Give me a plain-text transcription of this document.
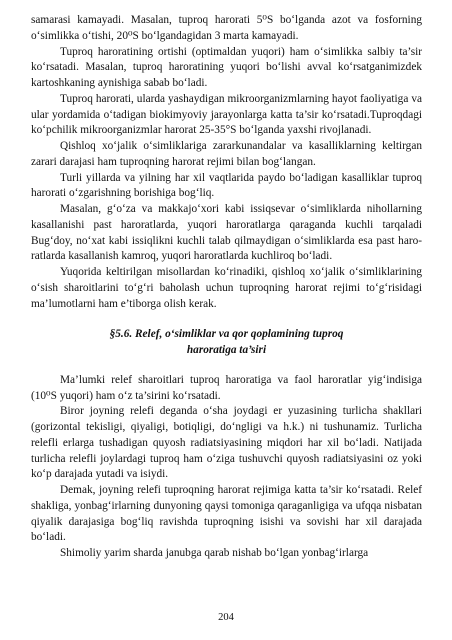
samarasi kamayadi. Masalan, tuproq harorati 5⁰S bo‘lganda azot va fosforning o‘simlikka o‘tishi, 20⁰S bo‘lgandagidan 3 marta kamayadi.

Tuproq haroratining ortishi (optimaldan yuqori) ham o‘simlikka salbiy ta’sir ko‘rsatadi. Masalan, tuproq haroratining yuqori bo‘lishi avval ko‘rsatganimizdek kartoshkaning aynishiga sabab bo‘ladi.

Tuproq harorati, ularda yashaydigan mikroorganizmlarning hayot faoliyatiga va ular yordamida o‘tadigan biokimyoviy jarayonlarga katta ta’sir ko‘rsatadi.Tuproqdagi ko‘pchilik mikroorganizmlar harorat 25-35°S bo‘lganda yaxshi rivojlanadi.

Qishloq xo‘jalik o‘simliklariga zararkunandalar va kasalliklarning keltirgan zarari darajasi ham tuproqning harorat rejimi bilan bog‘langan.

Turli yillarda va yilning har xil vaqtlarida paydo bo‘ladigan kasalliklar tuproq harorati o‘zgarishning borishiga bog‘liq.

Masalan, g‘o‘za va makkajo‘xori kabi issiqsevar o‘simliklarda nihollarning kasallanishi past haroratlarda, yuqori haroratlarga qaraganda kuchli tarqaladi Bug‘doy, no‘xat kabi issiqlikni kuchli talab qilmaydigan o‘simliklarda esa past haro-ratlarda kasallanish kamroq, yuqori haroratlarda kuchliroq bo‘ladi.

Yuqorida keltirilgan misollardan ko‘rinadiki, qishloq xo‘jalik o‘simliklarining o‘sish sharoitlarini to‘g‘ri baholash uchun tuproqning harorat rejimi to‘g‘risidagi ma’lumotlarni ham e’tiborga olish kerak.

§5.6. Relef, o‘simliklar va qor qoplamining tuproq
haroratiga ta’siri

Ma’lumki relef sharoitlari tuproq haroratiga va faol haroratlar yig‘indisiga (10⁰S yuqori) ham o‘z ta’sirini ko‘rsatadi.

Biror joyning relefi deganda o‘sha joydagi er yuzasining turlicha shakllari (gorizontal tekisligi, qiyaligi, botiqligi, do‘ngligi va h.k.) ni tushunamiz. Turlicha relefli erlarga tushadigan quyosh radiatsiyasining miqdori har xil bo‘ladi. Natijada turlicha relefli joylardagi tuproq ham o‘ziga tushuvchi quyosh radiatsiyasini oz yoki ko‘p darajada yutadi va isiydi.

Demak, joyning relefi tuproqning harorat rejimiga katta ta’sir ko‘rsatadi. Relef shakliga, yonbag‘irlarning dunyoning qaysi tomoniga qaraganligiga va ufqqa nisbatan qiyalik darajasiga bog‘liq ravishda tuproqning isishi va sovishi har xil darajada bo‘ladi.

Shimoliy yarim sharda janubga qarab nishab bo‘lgan yonbag‘irlarga

204
